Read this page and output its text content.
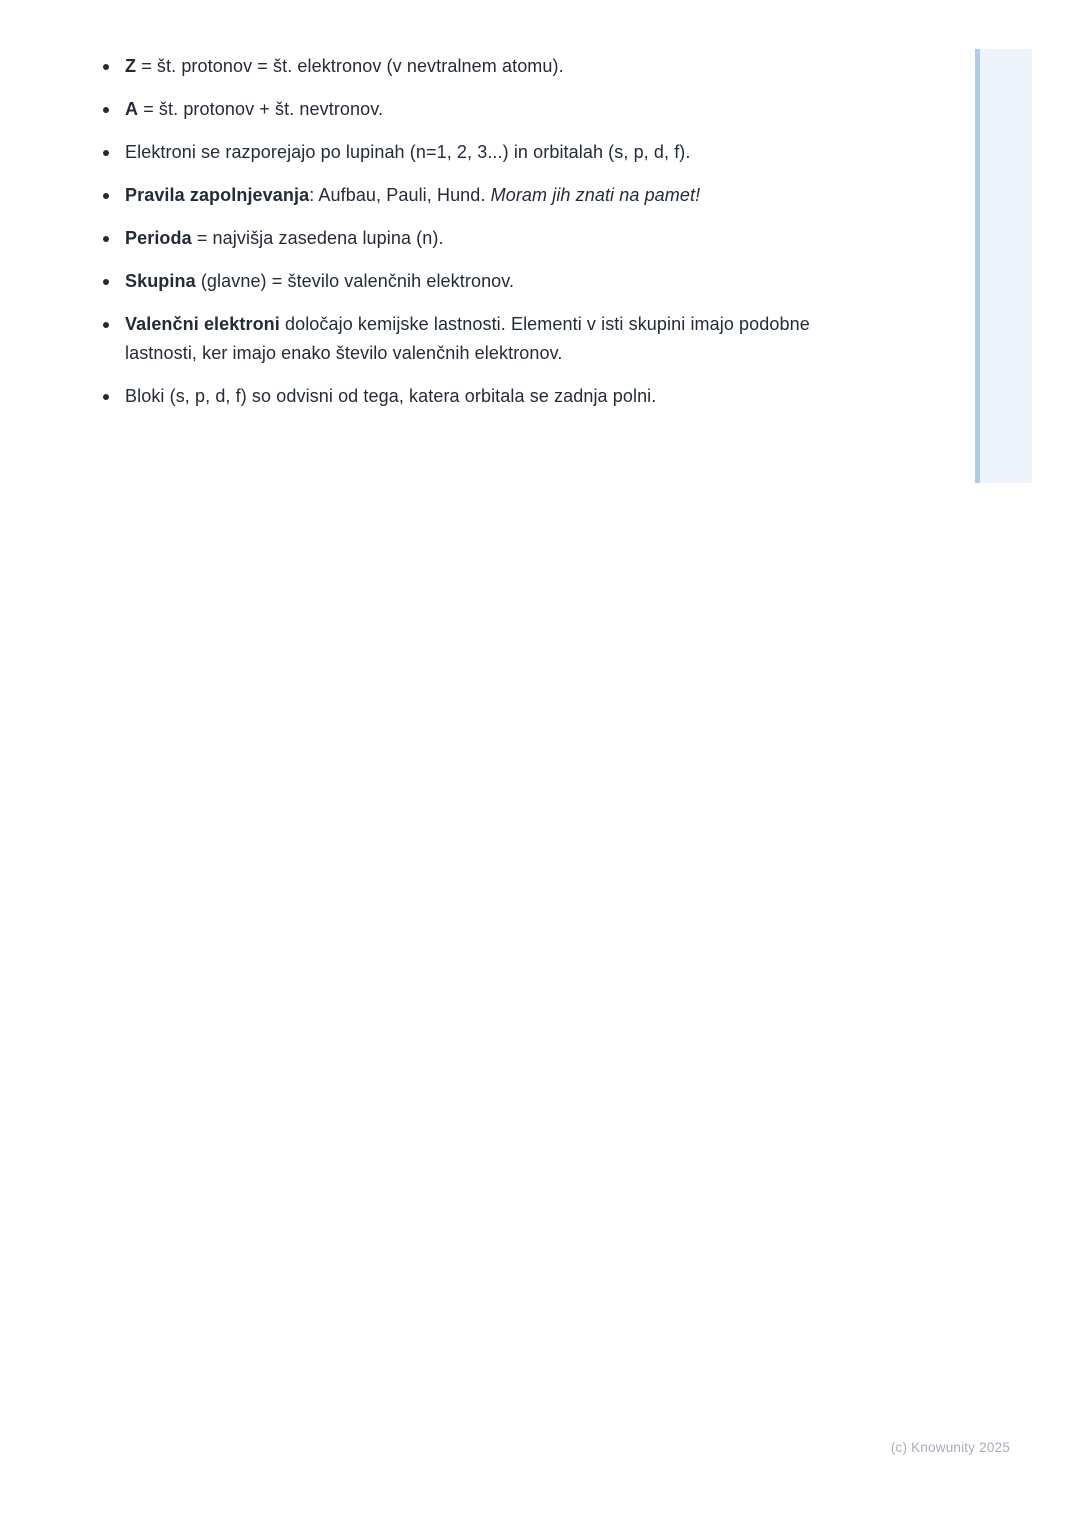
Z = št. protonov = št. elektronov (v nevtralnem atomu).
A = št. protonov + št. nevtronov.
Elektroni se razporejajo po lupinah (n=1, 2, 3...) in orbitalah (s, p, d, f).
Pravila zapolnjevanja: Aufbau, Pauli, Hund. Moram jih znati na pamet!
Perioda = najvišja zasedena lupina (n).
Skupina (glavne) = število valenčnih elektronov.
Valenčni elektroni določajo kemijske lastnosti. Elementi v isti skupini imajo podobne lastnosti, ker imajo enako število valenčnih elektronov.
Bloki (s, p, d, f) so odvisni od tega, katera orbitala se zadnja polni.
(c) Knowunity 2025
